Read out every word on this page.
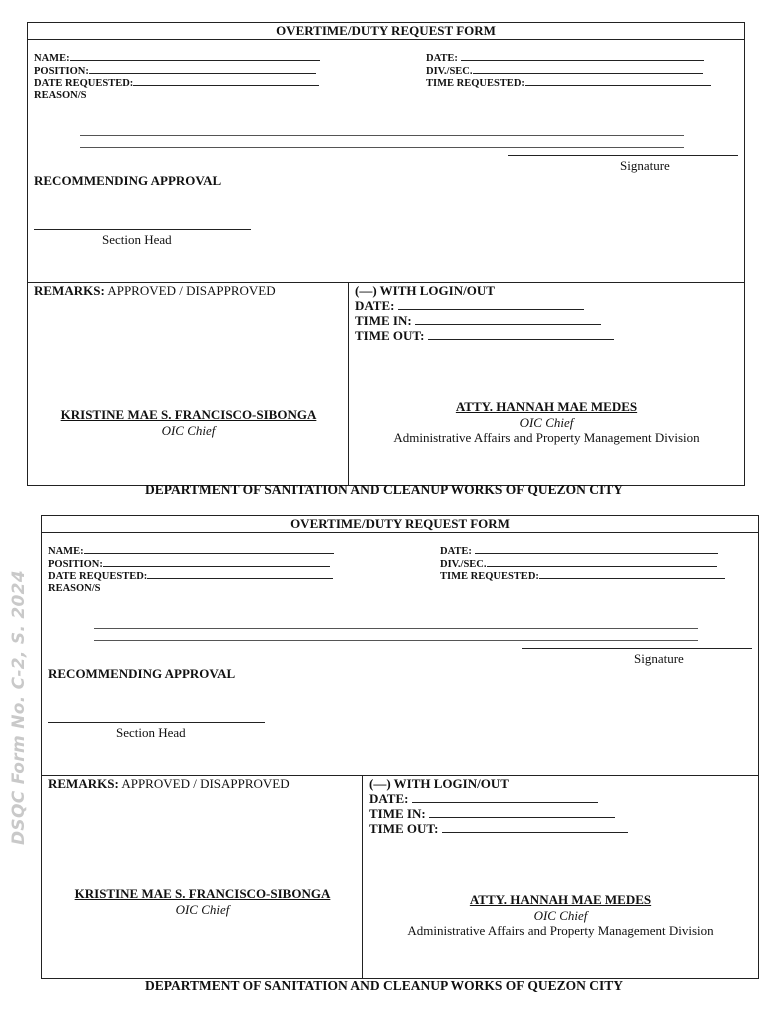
OVERTIME/DUTY REQUEST FORM
NAME:	DATE:
POSITION:	DIV./SEC.
DATE REQUESTED:	TIME REQUESTED:
REASON/S
Signature
RECOMMENDING APPROVAL
Section Head
REMARKS: APPROVED / DISAPPROVED
KRISTINE MAE S. FRANCISCO-SIBONGA
OIC Chief
(—) WITH LOGIN/OUT
DATE:
TIME IN:
TIME OUT:
ATTY. HANNAH MAE MEDES
OIC Chief
Administrative Affairs and Property Management Division
DEPARTMENT OF SANITATION AND CLEANUP WORKS OF QUEZON CITY
OVERTIME/DUTY REQUEST FORM
NAME:	DATE:
POSITION:	DIV./SEC.
DATE REQUESTED:	TIME REQUESTED:
REASON/S
Signature
RECOMMENDING APPROVAL
Section Head
REMARKS: APPROVED / DISAPPROVED
KRISTINE MAE S. FRANCISCO-SIBONGA
OIC Chief
(—) WITH LOGIN/OUT
DATE:
TIME IN:
TIME OUT:
ATTY. HANNAH MAE MEDES
OIC Chief
Administrative Affairs and Property Management Division
DEPARTMENT OF SANITATION AND CLEANUP WORKS OF QUEZON CITY
DSQC Form No. C-2, S. 2024
